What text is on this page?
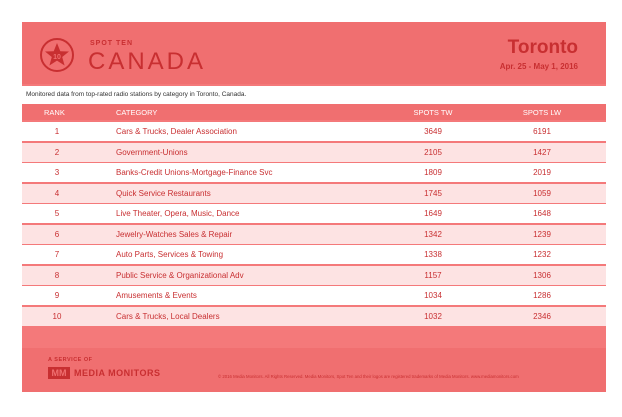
10
SPOT TEN
CANADA
Toronto
Apr. 25 - May 1, 2016
Monitored data from top-rated radio stations by category in Toronto, Canada.
RANK	CATEGORY	SPOTS TW	SPOTS LW
1	Cars & Trucks, Dealer Association	3649	6191
2	Government-Unions	2105	1427
3	Banks-Credit Unions-Mortgage-Finance Svc	1809	2019
4	Quick Service Restaurants	1745	1059
5	Live Theater, Opera, Music, Dance	1649	1648
6	Jewelry-Watches Sales & Repair	1342	1239
7	Auto Parts, Services & Towing	1338	1232
8	Public Service & Organizational Adv	1157	1306
9	Amusements & Events	1034	1286
10	Cars & Trucks, Local Dealers	1032	2346
A SERVICE OF
MM MEDIA MONITORS	© 2016 Media Monitors. All Rights Reserved. Media Monitors, Spot Ten and their logos are registered trademarks of Media Monitors. www.mediamonitors.com
